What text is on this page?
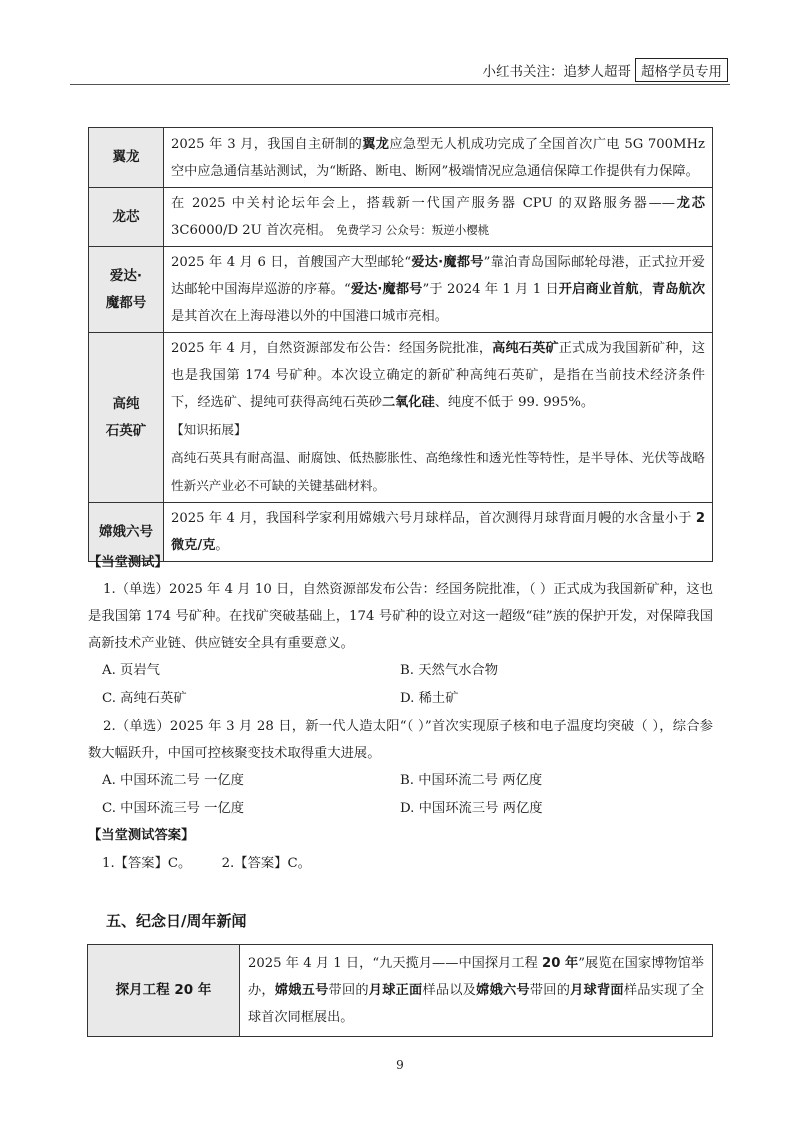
小红书关注：追梦人超哥 超格学员专用
翼龙	2025 年 3 月，我国自主研制的翼龙应急型无人机成功完成了全国首次广电 5G 700MHz 空中应急通信基站测试，为“断路、断电、断网”极端情况应急通信保障工作提供有力保障。
龙芯	在 2025 中关村论坛年会上，搭载新一代国产服务器 CPU 的双路服务器——龙芯 3C6000/D 2U 首次亮相。 免费学习 公众号：叛逆小樱桃
爱达·
魔都号	2025 年 4 月 6 日，首艘国产大型邮轮“爱达·魔都号”靠泊青岛国际邮轮母港，正式拉开爱达邮轮中国海岸巡游的序幕。“爱达·魔都号”于 2024 年 1 月 1 日开启商业首航，青岛航次是其首次在上海母港以外的中国港口城市亮相。
高纯
石英矿	2025 年 4 月，自然资源部发布公告：经国务院批准，高纯石英矿正式成为我国新矿种，这也是我国第 174 号矿种。本次设立确定的新矿种高纯石英矿，是指在当前技术经济条件下，经选矿、提纯可获得高纯石英砂二氧化硅、纯度不低于 99. 995%。
【知识拓展】
高纯石英具有耐高温、耐腐蚀、低热膨胀性、高绝缘性和透光性等特性，是半导体、光伏等战略性新兴产业必不可缺的关键基础材料。
嫦娥六号	2025 年 4 月，我国科学家利用嫦娥六号月球样品，首次测得月球背面月幔的水含量小于 2 微克/克。
【当堂测试】

1.（单选）2025 年 4 月 10 日，自然资源部发布公告：经国务院批准，（ ）正式成为我国新矿种，这也是我国第 174 号矿种。在找矿突破基础上，174 号矿种的设立对这一超级“硅”族的保护开发，对保障我国高新技术产业链、供应链安全具有重要意义。

A. 页岩气	B. 天然气水合物
C. 高纯石英矿	D. 稀土矿

2.（单选）2025 年 3 月 28 日，新一代人造太阳“（ ）”首次实现原子核和电子温度均突破（ ），综合参数大幅跃升，中国可控核聚变技术取得重大进展。

A. 中国环流二号 一亿度	B. 中国环流二号 两亿度
C. 中国环流三号 一亿度	D. 中国环流三号 两亿度
【当堂测试答案】
1.【答案】C。 2.【答案】C。
五、纪念日/周年新闻
探月工程 20 年	2025 年 4 月 1 日，“九天揽月——中国探月工程 20 年”展览在国家博物馆举办，嫦娥五号带回的月球正面样品以及嫦娥六号带回的月球背面样品实现了全球首次同框展出。
9
